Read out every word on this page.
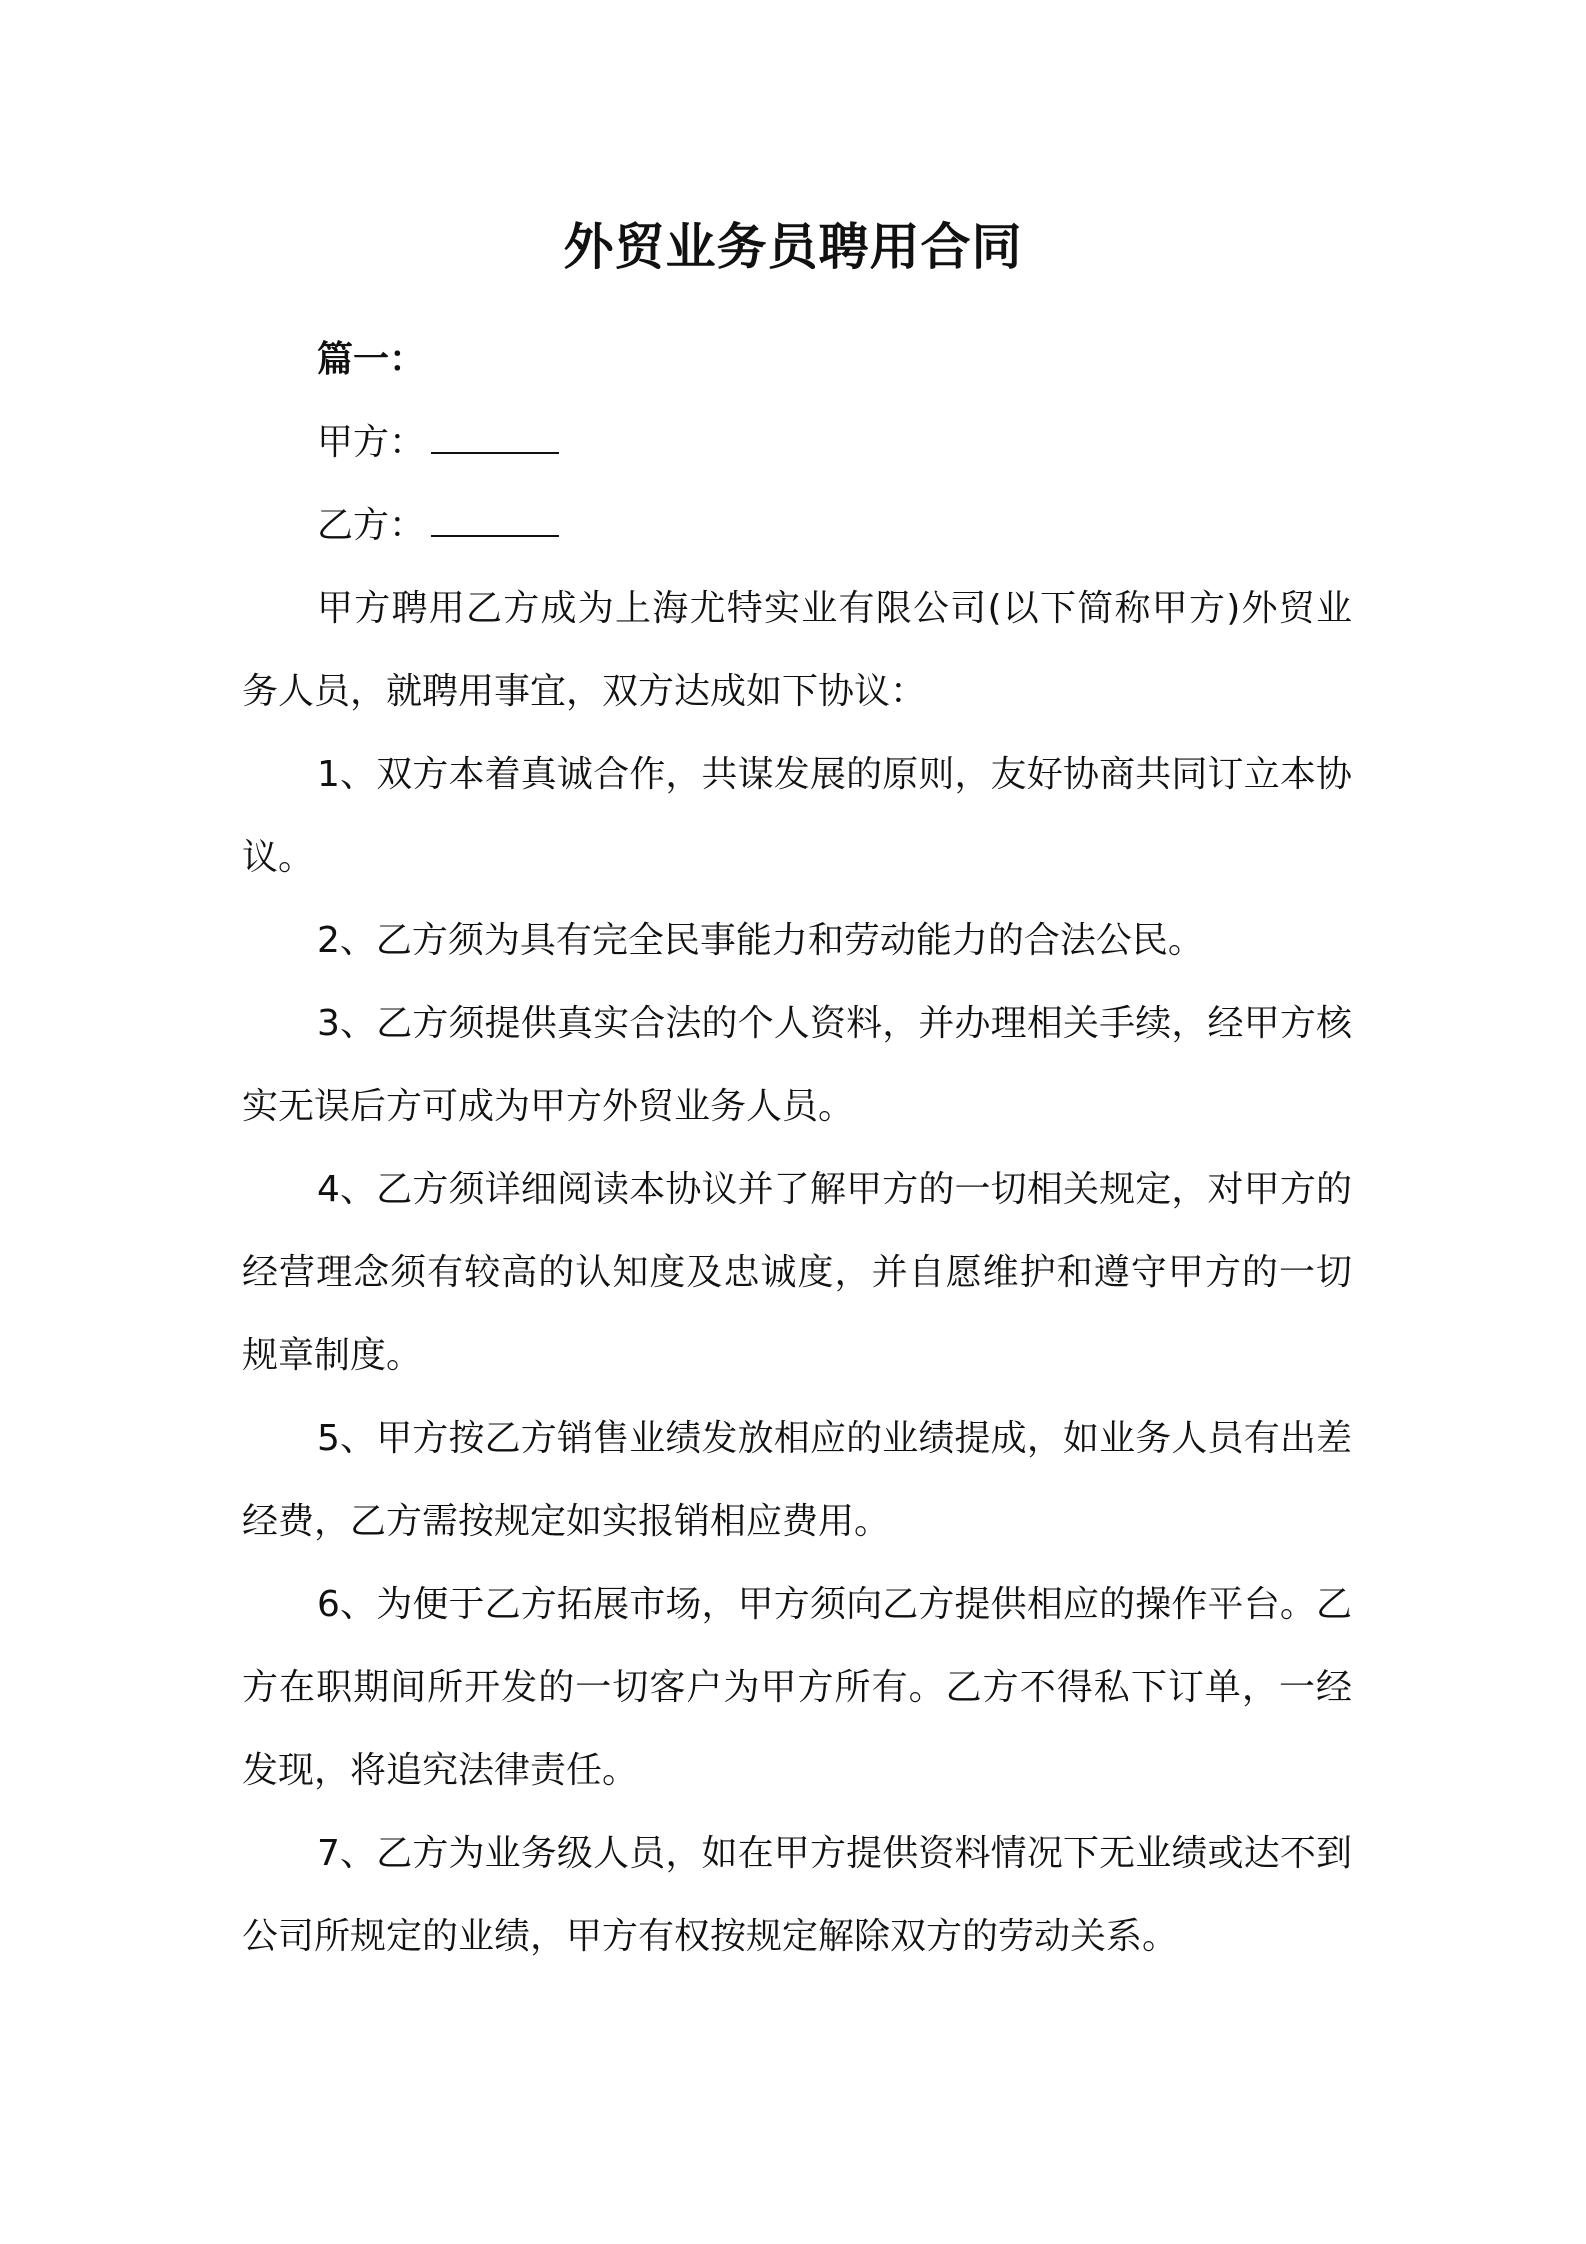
外贸业务员聘用合同

篇一：

甲方：

乙方：

甲方聘用乙方成为上海尤特实业有限公司(以下简称甲方)外贸业务人员，就聘用事宜，双方达成如下协议：

1、双方本着真诚合作，共谋发展的原则，友好协商共同订立本协议。

2、乙方须为具有完全民事能力和劳动能力的合法公民。

3、乙方须提供真实合法的个人资料，并办理相关手续，经甲方核实无误后方可成为甲方外贸业务人员。

4、乙方须详细阅读本协议并了解甲方的一切相关规定，对甲方的经营理念须有较高的认知度及忠诚度，并自愿维护和遵守甲方的一切规章制度。

5、甲方按乙方销售业绩发放相应的业绩提成，如业务人员有出差经费，乙方需按规定如实报销相应费用。

6、为便于乙方拓展市场，甲方须向乙方提供相应的操作平台。乙方在职期间所开发的一切客户为甲方所有。乙方不得私下订单，一经发现，将追究法律责任。

7、乙方为业务级人员，如在甲方提供资料情况下无业绩或达不到公司所规定的业绩，甲方有权按规定解除双方的劳动关系。
